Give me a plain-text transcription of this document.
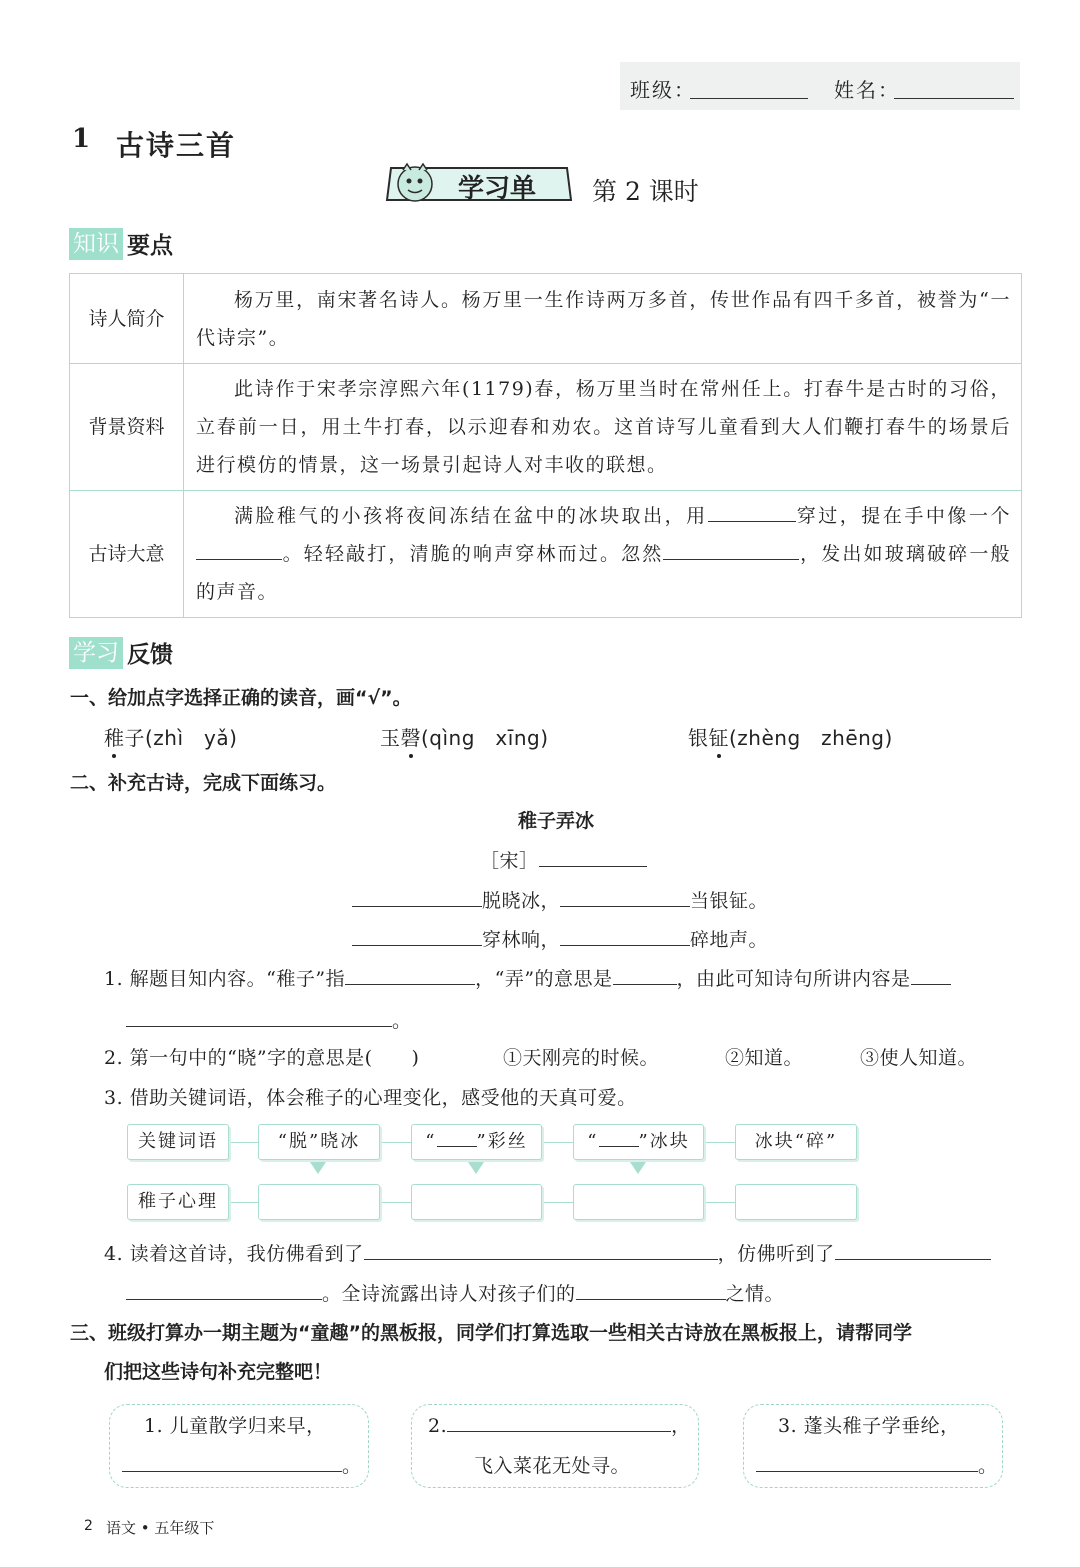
班级：	姓名：
1 古诗三首
学习单 第 2 课时
知识 要点
诗人简介	杨万里，南宋著名诗人。杨万里一生作诗两万多首，传世作品有四千多首，被誉为“一代诗宗”。
背景资料	此诗作于宋孝宗淳熙六年(1179)春，杨万里当时在常州任上。打春牛是古时的习俗，立春前一日，用土牛打春，以示迎春和劝农。这首诗写儿童看到大人们鞭打春牛的场景后进行模仿的情景，这一场景引起诗人对丰收的联想。
古诗大意	满脸稚气的小孩将夜间冻结在盆中的冰块取出，用 穿过，提在手中像一个。轻轻敲打，清脆的响声穿林而过。忽然 ，发出如玻璃破碎一般的声音。
学习 反馈
一、给加点字选择正确的读音，画“√”。
稚子(zhì　yǎ)	玉磬(qìng　xīng)	银钲(zhèng　zhēng)
二、补充古诗，完成下面练习。
稚子弄冰
［宋］
脱晓冰，	当银钲。
穿林响，	碎地声。
1. 解题目知内容。“稚子”指	，“弄”的意思是	，由此可知诗句所讲内容是
。
2. 第一句中的“晓”字的意思是(　　)	①天刚亮的时候。	②知道。	③使人知道。
3. 借助关键词语，体会稚子的心理变化，感受他的天真可爱。
关键词语	“脱”晓冰	“ ”彩丝	“ ”冰块	冰块“碎”
稚子心理
4. 读着这首诗，我仿佛看到了	，仿佛听到了
。全诗流露出诗人对孩子们的	之情。
三、班级打算办一期主题为“童趣”的黑板报，同学们打算选取一些相关古诗放在黑板报上，请帮同学
们把这些诗句补充完整吧！
1. 儿童散学归来早，
。
2.	，
飞入菜花无处寻。
3. 蓬头稚子学垂纶，
。
2 语文 • 五年级下
